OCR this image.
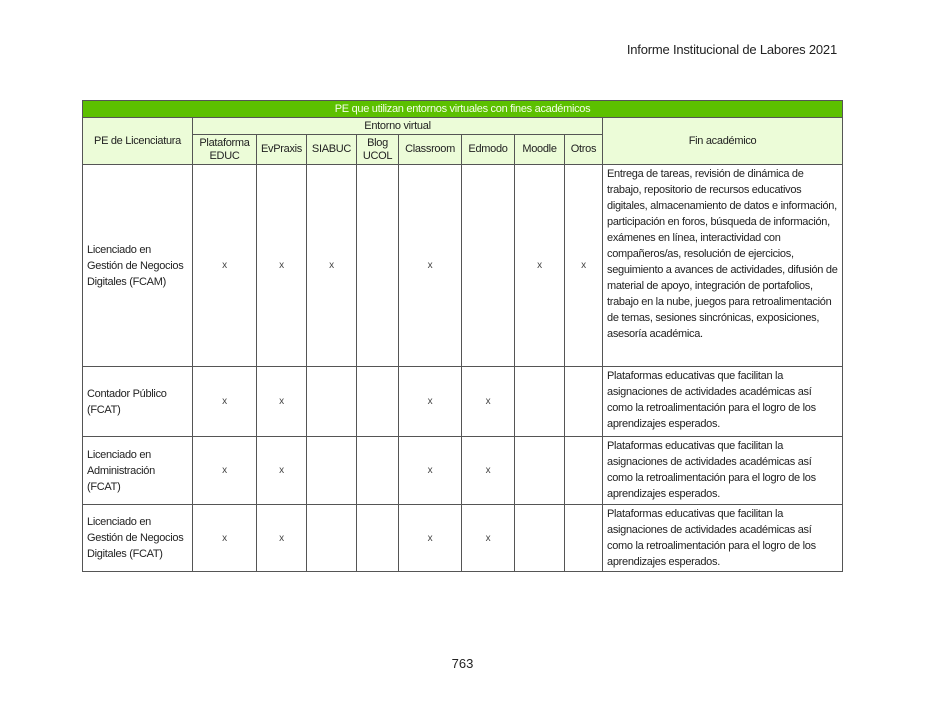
Informe Institucional de Labores 2021
PE que utilizan entornos virtuales con fines académicos									
PE de Licenciatura	Entorno virtual								Fin académico
	Plataforma EDUC	EvPraxis	SIABUC	Blog UCOL	Classroom	Edmodo	Moodle	Otros	
Licenciado en Gestión de Negocios Digitales (FCAM)	x	x	x		x		x	x	Entrega de tareas, revisión de dinámica de trabajo, repositorio de recursos educativos digitales, almacenamiento de datos e información, participación en foros, búsqueda de información, exámenes en línea, interactividad con compañeros/as, resolución de ejercicios, seguimiento a avances de actividades, difusión de material de apoyo, integración de portafolios, trabajo en la nube, juegos para retroalimentación de temas, sesiones sincrónicas, exposiciones, asesoría académica.
Contador Público (FCAT)	x	x			x	x			Plataformas educativas que facilitan la asignaciones de actividades académicas así como la retroalimentación para el logro de los aprendizajes esperados.
Licenciado en Administración (FCAT)	x	x			x	x			Plataformas educativas que facilitan la asignaciones de actividades académicas así como la retroalimentación para el logro de los aprendizajes esperados.
Licenciado en Gestión de Negocios Digitales (FCAT)	x	x			x	x			Plataformas educativas que facilitan la asignaciones de actividades académicas así como la retroalimentación para el logro de los aprendizajes esperados.
763
